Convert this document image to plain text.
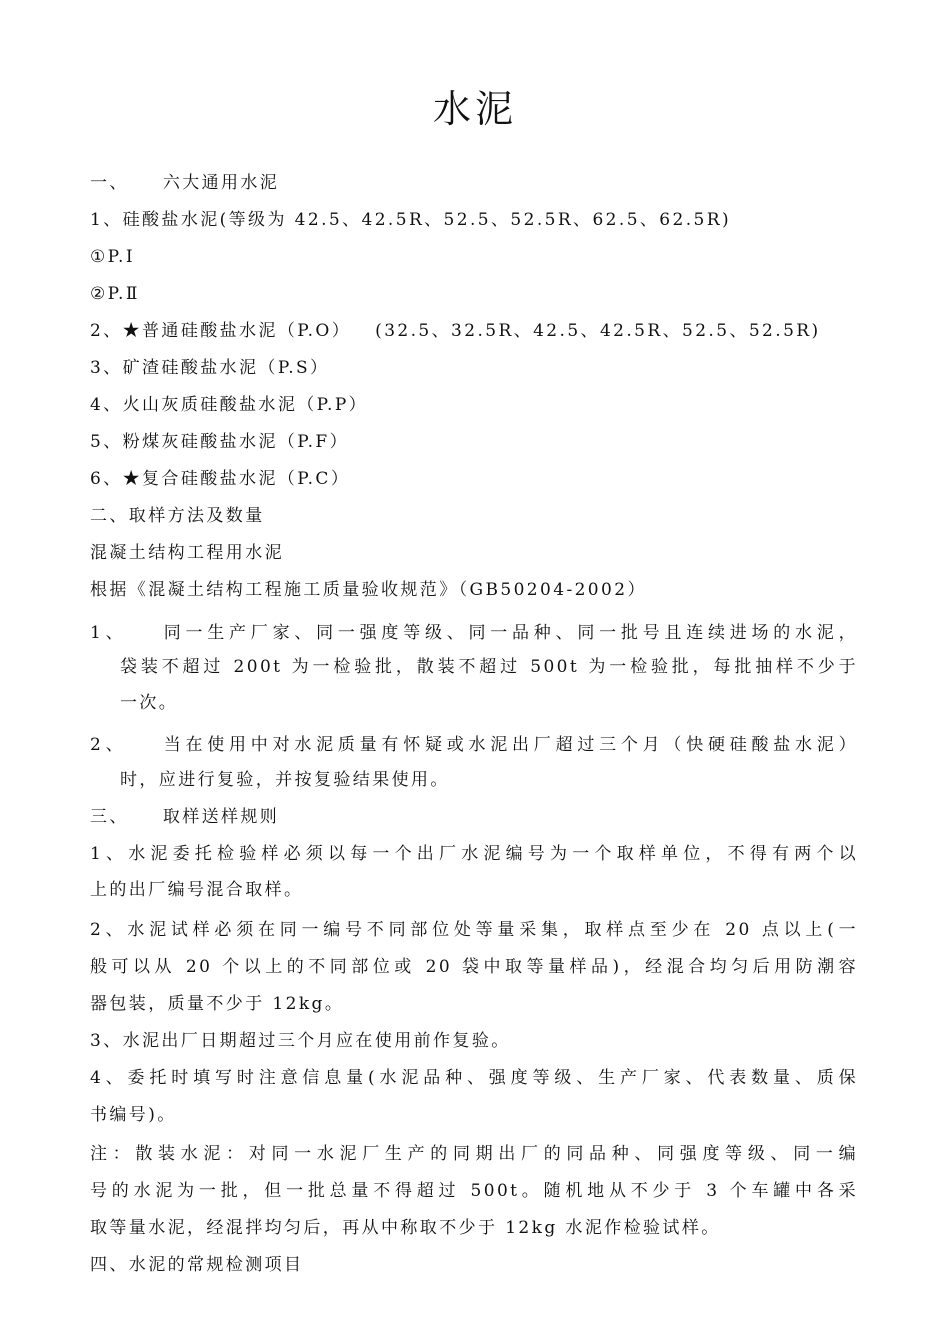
水泥
一、 六大通用水泥
1、硅酸盐水泥(等级为 42.5、42.5R、52.5、52.5R、62.5、62.5R)
①P.Ⅰ
②P.Ⅱ
2、★普通硅酸盐水泥（P.O） (32.5、32.5R、42.5、42.5R、52.5、52.5R)
3、矿渣硅酸盐水泥（P.S）
4、火山灰质硅酸盐水泥（P.P）
5、粉煤灰硅酸盐水泥（P.F）
6、★复合硅酸盐水泥（P.C）
二、取样方法及数量
混凝土结构工程用水泥
根据《混凝土结构工程施工质量验收规范》（GB50204-2002）
1、 同一生产厂家、同一强度等级、同一品种、同一批号且连续进场的水泥，
袋装不超过 200t 为一检验批，散装不超过 500t 为一检验批，每批抽样不少于
一次。
2、 当在使用中对水泥质量有怀疑或水泥出厂超过三个月（快硬硅酸盐水泥）
时，应进行复验，并按复验结果使用。
三、 取样送样规则
1、水泥委托检验样必须以每一个出厂水泥编号为一个取样单位，不得有两个以
上的出厂编号混合取样。
2、水泥试样必须在同一编号不同部位处等量采集，取样点至少在 20 点以上(一
般可以从 20 个以上的不同部位或 20 袋中取等量样品)，经混合均匀后用防潮容
器包装，质量不少于 12kg。
3、水泥出厂日期超过三个月应在使用前作复验。
4、委托时填写时注意信息量(水泥品种、强度等级、生产厂家、代表数量、质保
书编号)。
注：散装水泥：对同一水泥厂生产的同期出厂的同品种、同强度等级、同一编
号的水泥为一批，但一批总量不得超过 500t。随机地从不少于 3 个车罐中各采
取等量水泥，经混拌均匀后，再从中称取不少于 12kg 水泥作检验试样。
四、水泥的常规检测项目
